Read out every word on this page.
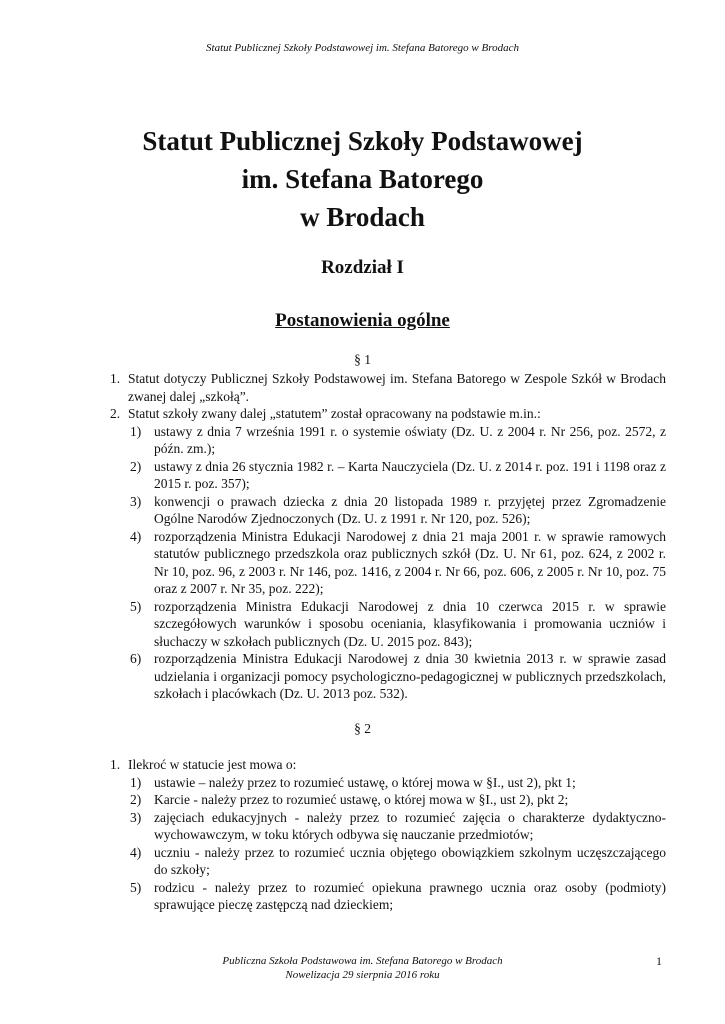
Statut Publicznej Szkoły Podstawowej im. Stefana Batorego w Brodach
Statut Publicznej Szkoły Podstawowej
im. Stefana Batorego
w Brodach
Rozdział I
Postanowienia ogólne
§ 1
1. Statut dotyczy Publicznej Szkoły Podstawowej im. Stefana Batorego w Zespole Szkół w Brodach zwanej dalej „szkołą”.
2. Statut szkoły zwany dalej „statutem” został opracowany na podstawie m.in.:
1) ustawy z dnia 7 września 1991 r. o systemie oświaty (Dz. U. z 2004 r. Nr 256, poz. 2572, z późn. zm.);
2) ustawy z dnia 26 stycznia 1982 r. – Karta Nauczyciela (Dz. U. z 2014 r. poz. 191 i 1198 oraz z 2015 r. poz. 357);
3) konwencji o prawach dziecka z dnia 20 listopada 1989 r. przyjętej przez Zgromadzenie Ogólne Narodów Zjednoczonych (Dz. U. z 1991 r. Nr 120, poz. 526);
4) rozporządzenia Ministra Edukacji Narodowej z dnia 21 maja 2001 r. w sprawie ramowych statutów publicznego przedszkola oraz publicznych szkół (Dz. U. Nr 61, poz. 624, z 2002 r. Nr 10, poz. 96, z 2003 r. Nr 146, poz. 1416, z 2004 r. Nr 66, poz. 606, z 2005 r. Nr 10, poz. 75 oraz z 2007 r. Nr 35, poz. 222);
5) rozporządzenia Ministra Edukacji Narodowej z dnia 10 czerwca 2015 r. w sprawie szczegółowych warunków i sposobu oceniania, klasyfikowania i promowania uczniów i słuchaczy w szkołach publicznych (Dz. U. 2015 poz. 843);
6) rozporządzenia Ministra Edukacji Narodowej z dnia 30 kwietnia 2013 r. w sprawie zasad udzielania i organizacji pomocy psychologiczno-pedagogicznej w publicznych przedszkolach, szkołach i placówkach (Dz. U. 2013 poz. 532).
§ 2
1. Ilekroć w statucie jest mowa o:
1) ustawie – należy przez to rozumieć ustawę, o której mowa w §I., ust 2), pkt 1;
2) Karcie - należy przez to rozumieć ustawę, o której mowa w §I., ust 2), pkt 2;
3) zajęciach edukacyjnych - należy przez to rozumieć zajęcia o charakterze dydaktyczno-wychowawczym, w toku których odbywa się nauczanie przedmiotów;
4) uczniu - należy przez to rozumieć ucznia objętego obowiązkiem szkolnym uczęszczającego do szkoły;
5) rodzicu - należy przez to rozumieć opiekuna prawnego ucznia oraz osoby (podmioty) sprawujące pieczę zastępczą nad dzieckiem;
Publiczna Szkoła Podstawowa im. Stefana Batorego w Brodach
Nowelizacja 29 sierpnia 2016 roku
1
